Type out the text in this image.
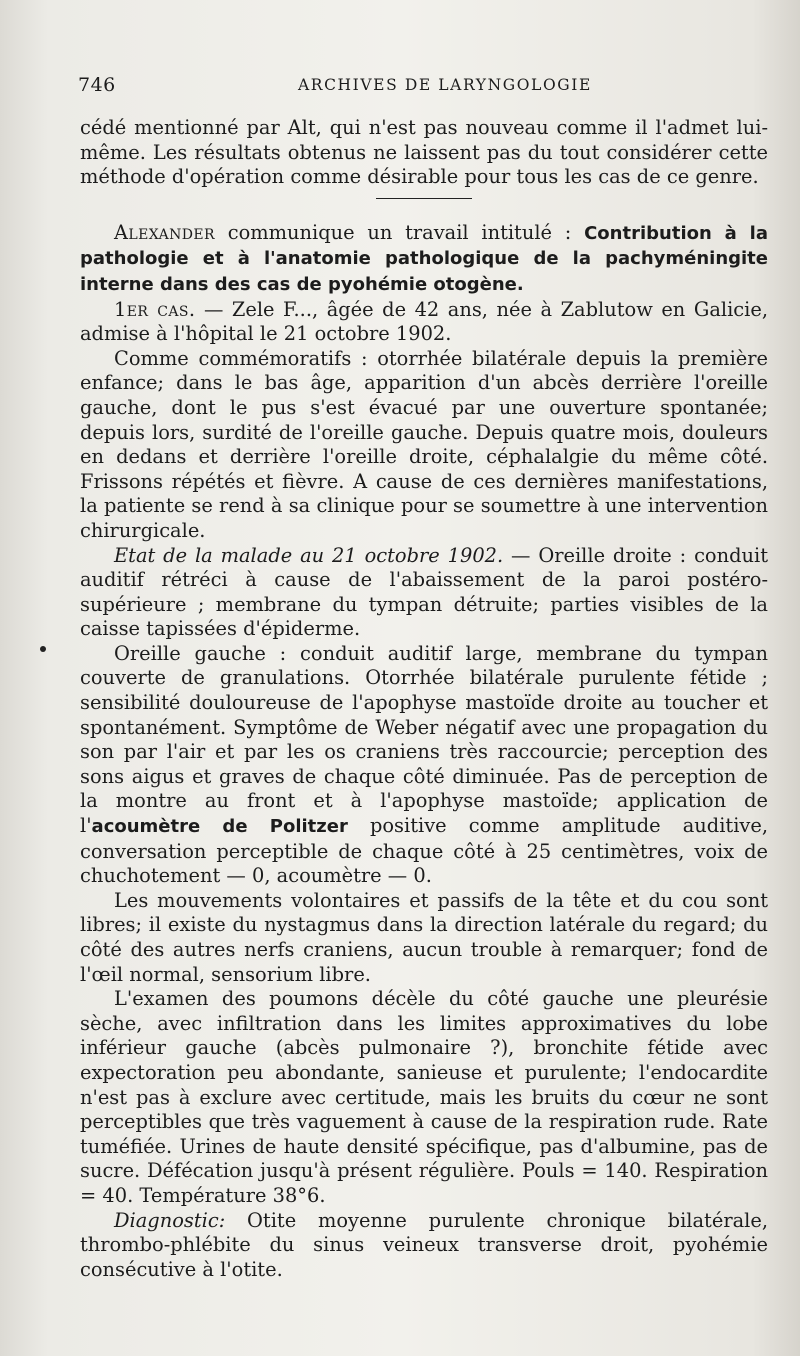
746	ARCHIVES DE LARYNGOLOGIE

cédé mentionné par Alt, qui n'est pas nouveau comme il l'admet lui-même. Les résultats obtenus ne laissent pas du tout considérer cette méthode d'opération comme désirable pour tous les cas de ce genre.

Alexander communique un travail intitulé : Contribution à la pathologie et à l'anatomie pathologique de la pachyméningite interne dans des cas de pyohémie otogène.

1er cas. — Zele F..., âgée de 42 ans, née à Zablutow en Galicie, admise à l'hôpital le 21 octobre 1902.

Comme commémoratifs : otorrhée bilatérale depuis la première enfance; dans le bas âge, apparition d'un abcès derrière l'oreille gauche, dont le pus s'est évacué par une ouverture spontanée; depuis lors, surdité de l'oreille gauche. Depuis quatre mois, douleurs en dedans et derrière l'oreille droite, céphalalgie du même côté. Frissons répétés et fièvre. A cause de ces dernières manifestations, la patiente se rend à sa clinique pour se soumettre à une intervention chirurgicale.

Etat de la malade au 21 octobre 1902. — Oreille droite : conduit auditif rétréci à cause de l'abaissement de la paroi postéro-supérieure ; membrane du tympan détruite; parties visibles de la caisse tapissées d'épiderme.

Oreille gauche : conduit auditif large, membrane du tympan couverte de granulations. Otorrhée bilatérale purulente fétide ; sensibilité douloureuse de l'apophyse mastoïde droite au toucher et spontanément. Symptôme de Weber négatif avec une propagation du son par l'air et par les os craniens très raccourcie; perception des sons aigus et graves de chaque côté diminuée. Pas de perception de la montre au front et à l'apophyse mastoïde; application de l'acoumètre de Politzer positive comme amplitude auditive, conversation perceptible de chaque côté à 25 centimètres, voix de chuchotement — 0, acoumètre — 0.

Les mouvements volontaires et passifs de la tête et du cou sont libres; il existe du nystagmus dans la direction latérale du regard; du côté des autres nerfs craniens, aucun trouble à remarquer; fond de l'œil normal, sensorium libre.

L'examen des poumons décèle du côté gauche une pleurésie sèche, avec infiltration dans les limites approximatives du lobe inférieur gauche (abcès pulmonaire ?), bronchite fétide avec expectoration peu abondante, sanieuse et purulente; l'endocardite n'est pas à exclure avec certitude, mais les bruits du cœur ne sont perceptibles que très vaguement à cause de la respiration rude. Rate tuméfiée. Urines de haute densité spécifique, pas d'albumine, pas de sucre. Défécation jusqu'à présent régulière. Pouls = 140. Respiration = 40. Température 38°6.

Diagnostic: Otite moyenne purulente chronique bilatérale, thrombo-phlébite du sinus veineux transverse droit, pyohémie consécutive à l'otite.
